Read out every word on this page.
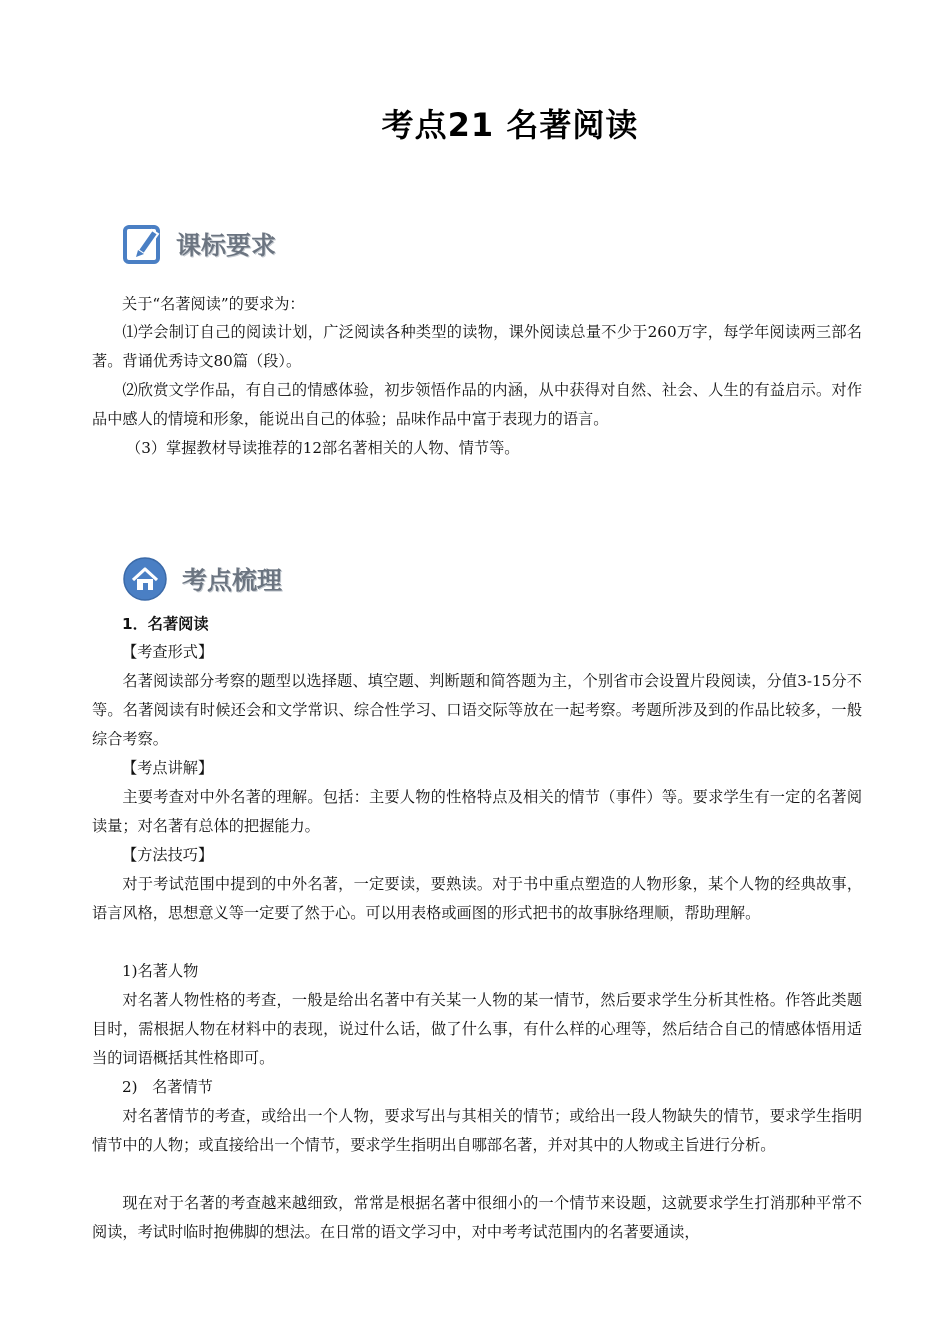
考点21 名著阅读
课标要求

关于“名著阅读”的要求为：

⑴学会制订自己的阅读计划，广泛阅读各种类型的读物，课外阅读总量不少于260万字，每学年阅读两三部名著。背诵优秀诗文80篇（段）。

⑵欣赏文学作品，有自己的情感体验，初步领悟作品的内涵，从中获得对自然、社会、人生的有益启示。对作品中感人的情境和形象，能说出自己的体验；品味作品中富于表现力的语言。

（3）掌握教材导读推荐的12部名著相关的人物、情节等。

考点梳理

1．名著阅读

【考查形式】

名著阅读部分考察的题型以选择题、填空题、判断题和简答题为主，个别省市会设置片段阅读，分值3-15分不等。名著阅读有时候还会和文学常识、综合性学习、口语交际等放在一起考察。考题所涉及到的作品比较多，一般综合考察。

【考点讲解】

主要考查对中外名著的理解。包括：主要人物的性格特点及相关的情节（事件）等。要求学生有一定的名著阅读量；对名著有总体的把握能力。

【方法技巧】

对于考试范围中提到的中外名著，一定要读，要熟读。对于书中重点塑造的人物形象，某个人物的经典故事，语言风格，思想意义等一定要了然于心。可以用表格或画图的形式把书的故事脉络理顺，帮助理解。

1)名著人物

对名著人物性格的考查，一般是给出名著中有关某一人物的某一情节，然后要求学生分析其性格。作答此类题目时，需根据人物在材料中的表现，说过什么话，做了什么事，有什么样的心理等，然后结合自己的情感体悟用适当的词语概括其性格即可。

2)   名著情节

对名著情节的考查，或给出一个人物，要求写出与其相关的情节；或给出一段人物缺失的情节，要求学生指明情节中的人物；或直接给出一个情节，要求学生指明出自哪部名著，并对其中的人物或主旨进行分析。

现在对于名著的考查越来越细致，常常是根据名著中很细小的一个情节来设题，这就要求学生打消那种平常不阅读，考试时临时抱佛脚的想法。在日常的语文学习中，对中考考试范围内的名著要通读，
